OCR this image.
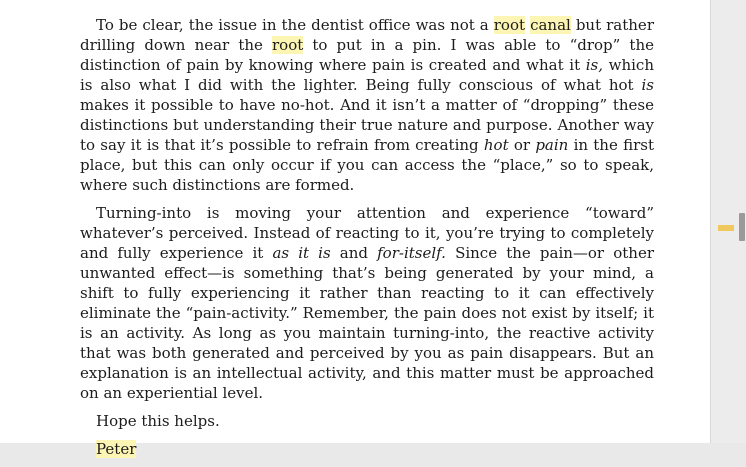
To be clear, the issue in the dentist office was not a root canal but rather drilling down near the root to put in a pin. I was able to “drop” the distinction of pain by knowing where pain is created and what it is, which is also what I did with the lighter. Being fully conscious of what hot is makes it possible to have no-hot. And it isn’t a matter of “dropping” these distinctions but understanding their true nature and purpose. Another way to say it is that it’s possible to refrain from creating hot or pain in the first place, but this can only occur if you can access the “place,” so to speak, where such distinctions are formed.

Turning-into is moving your attention and experience “toward” whatever’s perceived. Instead of reacting to it, you’re trying to completely and fully experience it as it is and for-itself. Since the pain—or other unwanted effect—is something that’s being generated by your mind, a shift to fully experiencing it rather than reacting to it can effectively eliminate the “pain-activity.” Remember, the pain does not exist by itself; it is an activity. As long as you maintain turning-into, the reactive activity that was both generated and perceived by you as pain disappears. But an explanation is an intellectual activity, and this matter must be approached on an experiential level.

Hope this helps.

Peter
